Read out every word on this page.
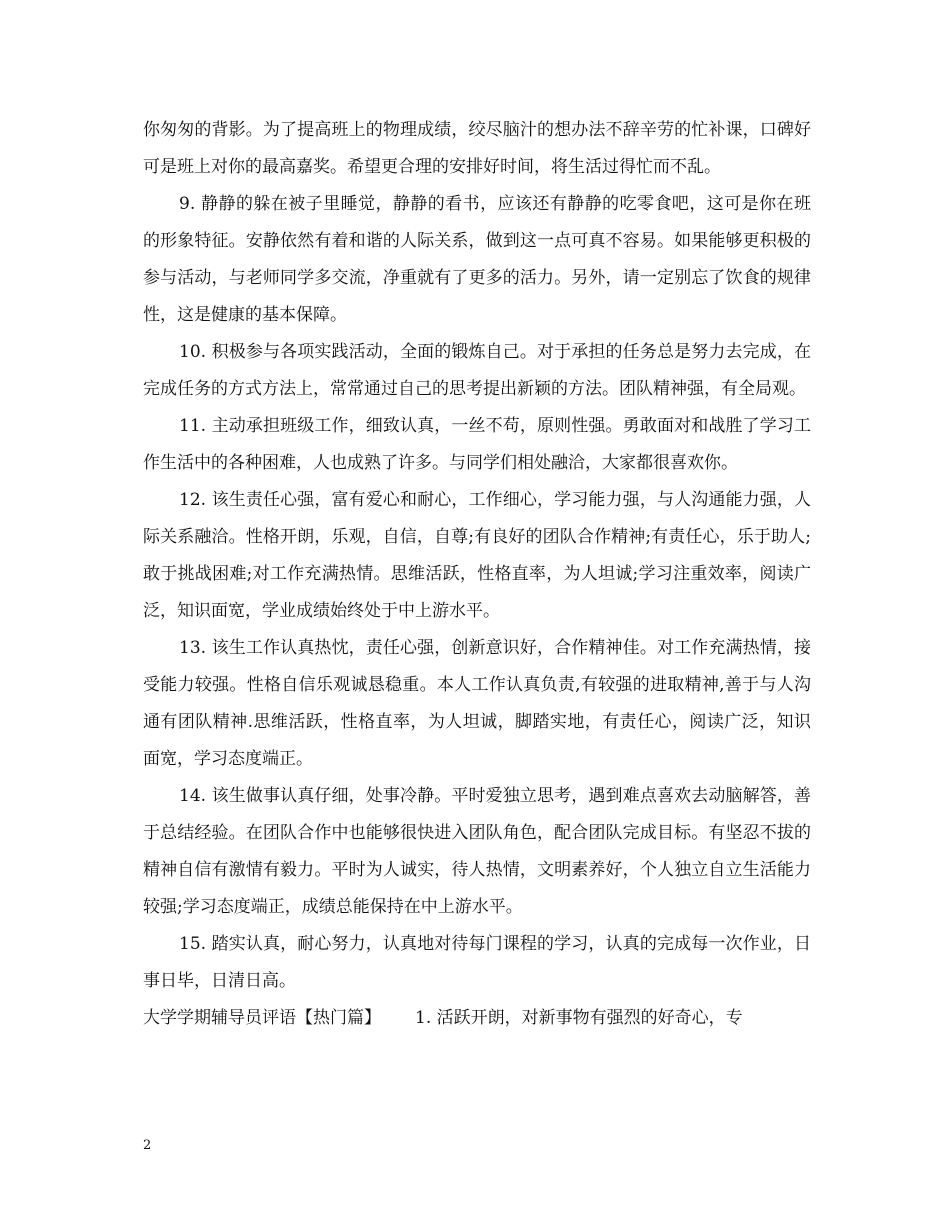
你匆匆的背影。为了提高班上的物理成绩，绞尽脑汁的想办法不辞辛劳的忙补课，口碑好可是班上对你的最高嘉奖。希望更合理的安排好时间，将生活过得忙而不乱。

9. 静静的躲在被子里睡觉，静静的看书，应该还有静静的吃零食吧，这可是你在班的形象特征。安静依然有着和谐的人际关系，做到这一点可真不容易。如果能够更积极的参与活动，与老师同学多交流，净重就有了更多的活力。另外，请一定别忘了饮食的规律性，这是健康的基本保障。

10. 积极参与各项实践活动，全面的锻炼自己。对于承担的任务总是努力去完成，在完成任务的方式方法上，常常通过自己的思考提出新颖的方法。团队精神强，有全局观。

11. 主动承担班级工作，细致认真，一丝不苟，原则性强。勇敢面对和战胜了学习工作生活中的各种困难，人也成熟了许多。与同学们相处融洽，大家都很喜欢你。

12. 该生责任心强，富有爱心和耐心，工作细心，学习能力强，与人沟通能力强，人际关系融洽。性格开朗，乐观，自信，自尊;有良好的团队合作精神;有责任心，乐于助人;敢于挑战困难;对工作充满热情。思维活跃，性格直率，为人坦诚;学习注重效率，阅读广泛，知识面宽，学业成绩始终处于中上游水平。

13. 该生工作认真热忱，责任心强，创新意识好，合作精神佳。对工作充满热情，接受能力较强。性格自信乐观诚恳稳重。本人工作认真负责,有较强的进取精神,善于与人沟通有团队精神.思维活跃，性格直率，为人坦诚，脚踏实地，有责任心，阅读广泛，知识面宽，学习态度端正。

14. 该生做事认真仔细，处事冷静。平时爱独立思考，遇到难点喜欢去动脑解答，善于总结经验。在团队合作中也能够很快进入团队角色，配合团队完成目标。有坚忍不拔的精神自信有激情有毅力。平时为人诚实，待人热情，文明素养好，个人独立自立生活能力较强;学习态度端正，成绩总能保持在中上游水平。

15. 踏实认真，耐心努力，认真地对待每门课程的学习，认真的完成每一次作业，日事日毕，日清日高。

大学学期辅导员评语【热门篇】 1. 活跃开朗，对新事物有强烈的好奇心，专

2
